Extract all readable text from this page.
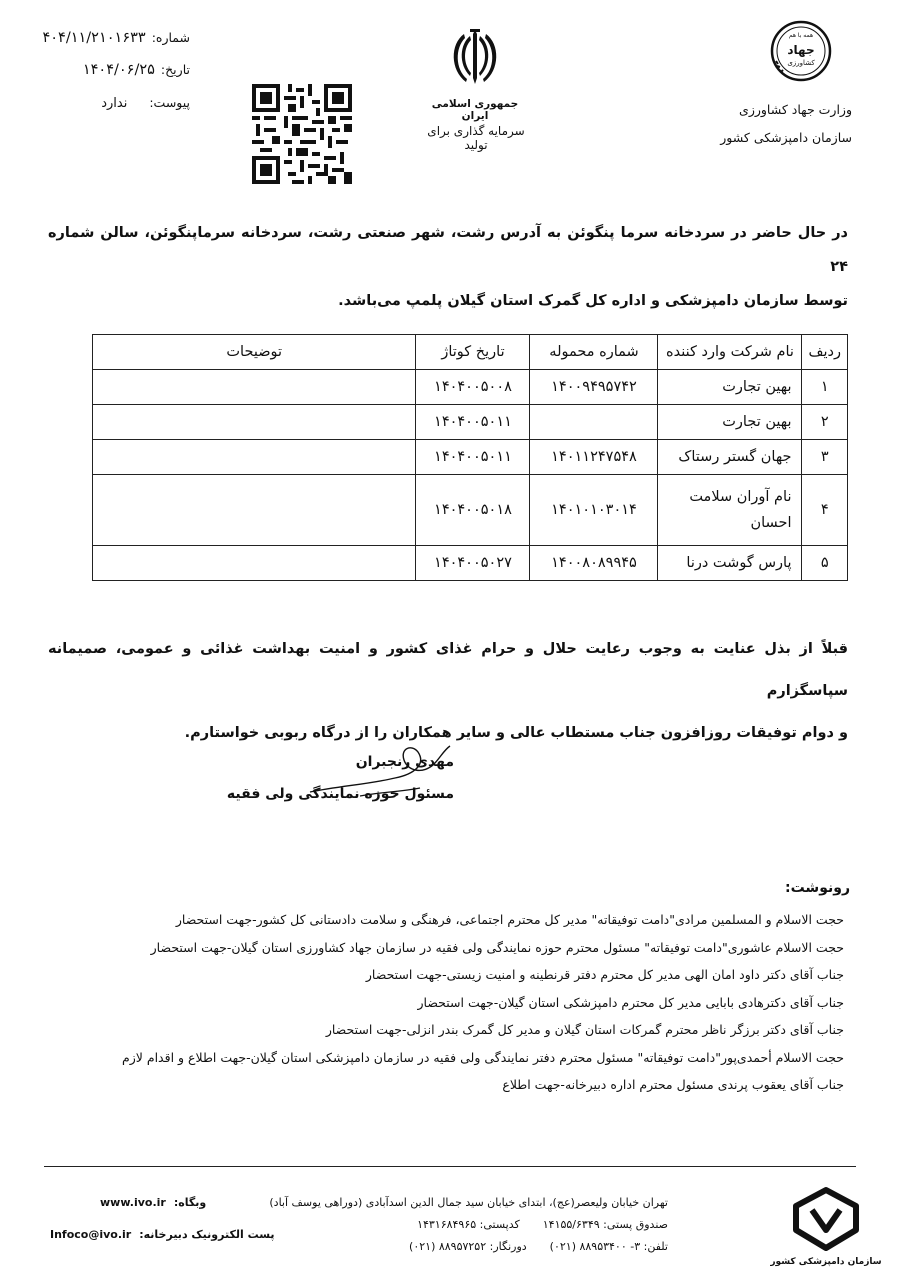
شماره:۴۰۴/۱۱/۲۱۰۱۶۳۳
تاریخ:۱۴۰۴/۰۶/۲۵
پیوست:ندارد	جمهوری اسلامی ایران
سرمایه گذاری برای تولید
همه با هم
جهاد
کشاورزی
وزارت جهاد کشاورزی
سازمان دامپزشکی کشور

در حال حاضر در سردخانه سرما پنگوئن به آدرس رشت، شهر صنعتی رشت، سردخانه سرماپنگوئن، سالن شماره ۲۴

توسط سازمان دامپزشکی و اداره کل گمرک استان گیلان پلمپ می‌باشد.

ردیف	نام شرکت وارد کننده	شماره محموله	تاریخ کوتاژ	توضیحات
۱	بهین تجارت	۱۴۰۰۹۴۹۵۷۴۲	۱۴۰۴۰۰۵۰۰۸	
۲	بهین تجارت		۱۴۰۴۰۰۵۰۱۱	
۳	جهان گستر رستاک	۱۴۰۱۱۲۴۷۵۴۸	۱۴۰۴۰۰۵۰۱۱	
۴	نام آوران سلامت
احسان	۱۴۰۱۰۱۰۳۰۱۴	۱۴۰۴۰۰۵۰۱۸	
۵	پارس گوشت درنا	۱۴۰۰۸۰۸۹۹۴۵	۱۴۰۴۰۰۵۰۲۷	

قبلاً از بذل عنایت به وجوب رعایت حلال و حرام غذای کشور و امنیت بهداشت غذائی و عمومی، صمیمانه سپاسگزارم

و دوام توفیقات روزافزون جناب مستطاب عالی و سایر همکاران را از درگاه ربوبی خواستارم.

مهدی رنجبران
مسئول حوزه نمایندگی ولی فقیه
رونوشت:
حجت الاسلام و المسلمین مرادی"دامت توفیقاته" مدیر کل محترم اجتماعی، فرهنگی و سلامت دادستانی کل کشور-جهت استحضار
حجت الاسلام عاشوری"دامت توفیقاته" مسئول محترم حوزه نمایندگی ولی فقیه در سازمان جهاد کشاورزی استان گیلان-جهت استحضار
جناب آقای دکتر داود امان الهی مدیر کل محترم دفتر قرنطینه و امنیت زیستی-جهت استحضار
جناب آقای دکترهادی بابایی مدیر کل محترم دامپزشکی استان گیلان-جهت استحضار
جناب آقای دکتر برزگر ناظر محترم گمرکات استان گیلان و مدیر کل گمرک بندر انزلی-جهت استحضار
حجت الاسلام أحمدی‌پور"دامت توفیقاته" مسئول محترم دفتر نمایندگی ولی فقیه در سازمان دامپزشکی استان گیلان-جهت اطلاع و اقدام لازم
جناب آقای یعقوب پرندی مسئول محترم اداره دبیرخانه-جهت اطلاع
سازمان دامپزشکی کشور
تهران خیابان ولیعصر(عج)، ابتدای خیابان سید جمال الدین اسدآبادی (دوراهی یوسف آباد)
صندوق پستی: ۱۴۱۵۵/۶۳۴۹  کدپستی: ۱۴۳۱۶۸۴۹۶۵
تلفن: ۳- ۸۸۹۵۳۴۰۰ (۰۲۱)  دورنگار: ۸۸۹۵۷۲۵۲ (۰۲۱)
وبگاه:www.ivo.ir
پست الکترونیک دبیرخانه:Infoco@ivo.ir
